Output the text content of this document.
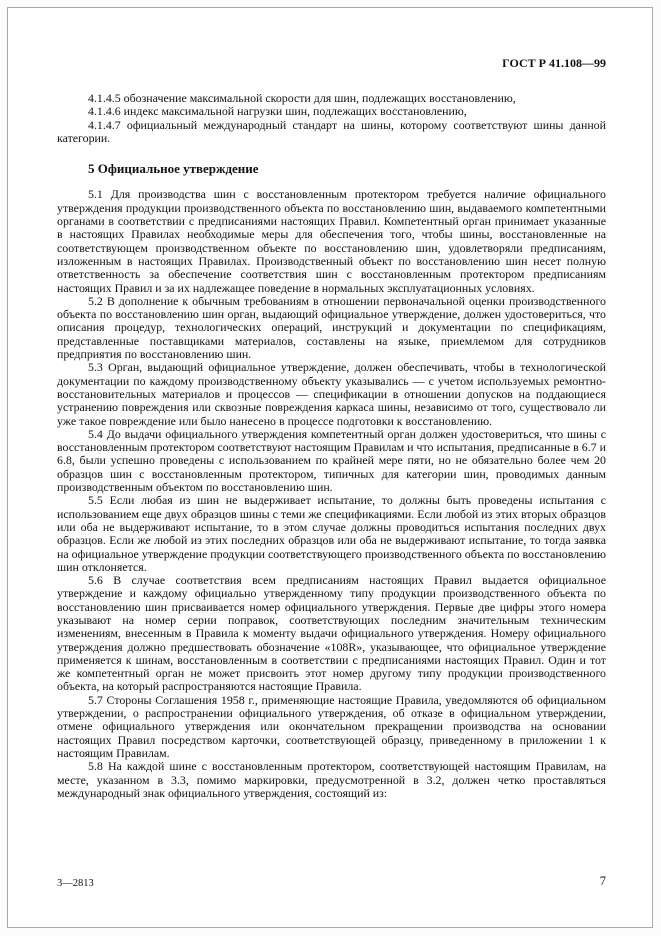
ГОСТ Р 41.108—99

4.1.4.5 обозначение максимальной скорости для шин, подлежащих восстановлению,

4.1.4.6 индекс максимальной нагрузки шин, подлежащих восстановлению,

4.1.4.7 официальный международный стандарт на шины, которому соответствуют шины данной категории.

5 Официальное утверждение

5.1 Для производства шин с восстановленным протектором требуется наличие официального утверждения продукции производственного объекта по восстановлению шин, выдаваемого компетентными органами в соответствии с предписаниями настоящих Правил. Компетентный орган принимает указанные в настоящих Правилах необходимые меры для обеспечения того, чтобы шины, восстановленные на соответствующем производственном объекте по восстановлению шин, удовлетворяли предписаниям, изложенным в настоящих Правилах. Производственный объект по восстановлению шин несет полную ответственность за обеспечение соответствия шин с восстановленным протектором предписаниям настоящих Правил и за их надлежащее поведение в нормальных эксплуатационных условиях.

5.2 В дополнение к обычным требованиям в отношении первоначальной оценки производственного объекта по восстановлению шин орган, выдающий официальное утверждение, должен удостовериться, что описания процедур, технологических операций, инструкций и документации по спецификациям, представленные поставщиками материалов, составлены на языке, приемлемом для сотрудников предприятия по восстановлению шин.

5.3 Орган, выдающий официальное утверждение, должен обеспечивать, чтобы в технологической документации по каждому производственному объекту указывались — с учетом используемых ремонтно-восстановительных материалов и процессов — спецификации в отношении допусков на поддающиеся устранению повреждения или сквозные повреждения каркаса шины, независимо от того, существовало ли уже такое повреждение или было нанесено в процессе подготовки к восстановлению.

5.4 До выдачи официального утверждения компетентный орган должен удостовериться, что шины с восстановленным протектором соответствуют настоящим Правилам и что испытания, предписанные в 6.7 и 6.8, были успешно проведены с использованием по крайней мере пяти, но не обязательно более чем 20 образцов шин с восстановленным протектором, типичных для категории шин, проводимых данным производственным объектом по восстановлению шин.

5.5 Если любая из шин не выдерживает испытание, то должны быть проведены испытания с использованием еще двух образцов шины с теми же спецификациями. Если любой из этих вторых образцов или оба не выдерживают испытание, то в этом случае должны проводиться испытания последних двух образцов. Если же любой из этих последних образцов или оба не выдерживают испытание, то тогда заявка на официальное утверждение продукции соответствующего производственного объекта по восстановлению шин отклоняется.

5.6 В случае соответствия всем предписаниям настоящих Правил выдается официальное утверждение и каждому официально утвержденному типу продукции производственного объекта по восстановлению шин присваивается номер официального утверждения. Первые две цифры этого номера указывают на номер серии поправок, соответствующих последним значительным техническим изменениям, внесенным в Правила к моменту выдачи официального утверждения. Номеру официального утверждения должно предшествовать обозначение «108R», указывающее, что официальное утверждение применяется к шинам, восстановленным в соответствии с предписаниями настоящих Правил. Один и тот же компетентный орган не может присвоить этот номер другому типу продукции производственного объекта, на который распространяются настоящие Правила.

5.7 Стороны Соглашения 1958 г., применяющие настоящие Правила, уведомляются об официальном утверждении, о распространении официального утверждения, об отказе в официальном утверждении, отмене официального утверждения или окончательном прекращении производства на основании настоящих Правил посредством карточки, соответствующей образцу, приведенному в приложении 1 к настоящим Правилам.

5.8 На каждой шине с восстановленным протектором, соответствующей настоящим Правилам, на месте, указанном в 3.3, помимо маркировки, предусмотренной в 3.2, должен четко проставляться международный знак официального утверждения, состоящий из:

3—2813	7
